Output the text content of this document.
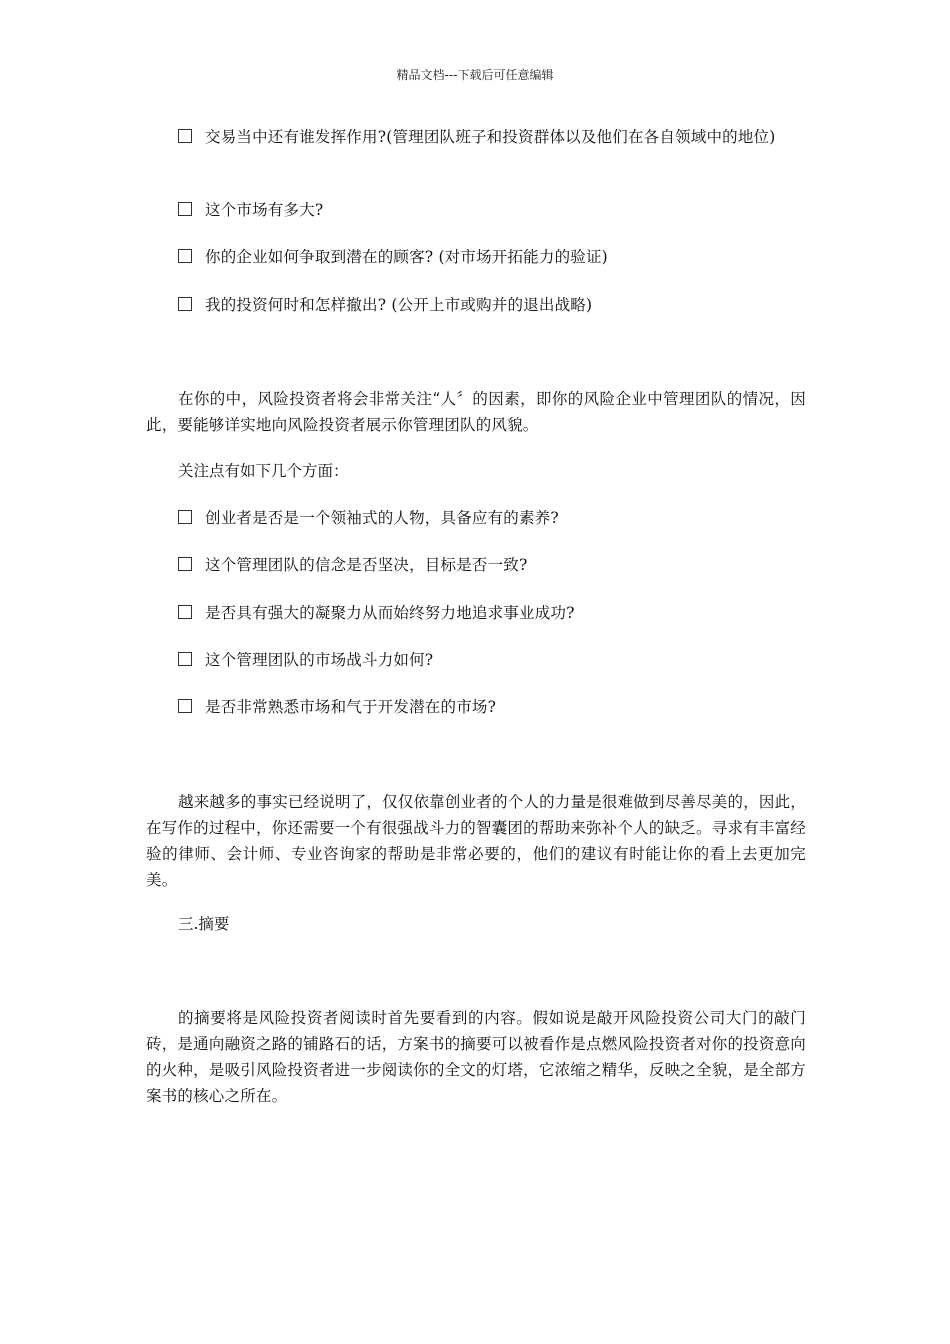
精品文档---下载后可任意编辑

交易当中还有谁发挥作用?(管理团队班子和投资群体以及他们在各自领域中的地位)

这个市场有多大?

你的企业如何争取到潜在的顾客? (对市场开拓能力的验证)

我的投资何时和怎样撤出? (公开上市或购并的退出战略)

在你的中，风险投资者将会非常关注“人〞的因素，即你的风险企业中管理团队的情况，因此，要能够详实地向风险投资者展示你管理团队的风貌。

关注点有如下几个方面：

创业者是否是一个领袖式的人物，具备应有的素养?

这个管理团队的信念是否坚决，目标是否一致?

是否具有强大的凝聚力从而始终努力地追求事业成功?

这个管理团队的市场战斗力如何?

是否非常熟悉市场和气于开发潜在的市场?

越来越多的事实已经说明了，仅仅依靠创业者的个人的力量是很难做到尽善尽美的，因此，在写作的过程中，你还需要一个有很强战斗力的智囊团的帮助来弥补个人的缺乏。寻求有丰富经验的律师、会计师、专业咨询家的帮助是非常必要的，他们的建议有时能让你的看上去更加完美。

三.摘要

的摘要将是风险投资者阅读时首先要看到的内容。假如说是敲开风险投资公司大门的敲门砖，是通向融资之路的铺路石的话，方案书的摘要可以被看作是点燃风险投资者对你的投资意向的火种，是吸引风险投资者进一步阅读你的全文的灯塔，它浓缩之精华，反映之全貌，是全部方案书的核心之所在。
